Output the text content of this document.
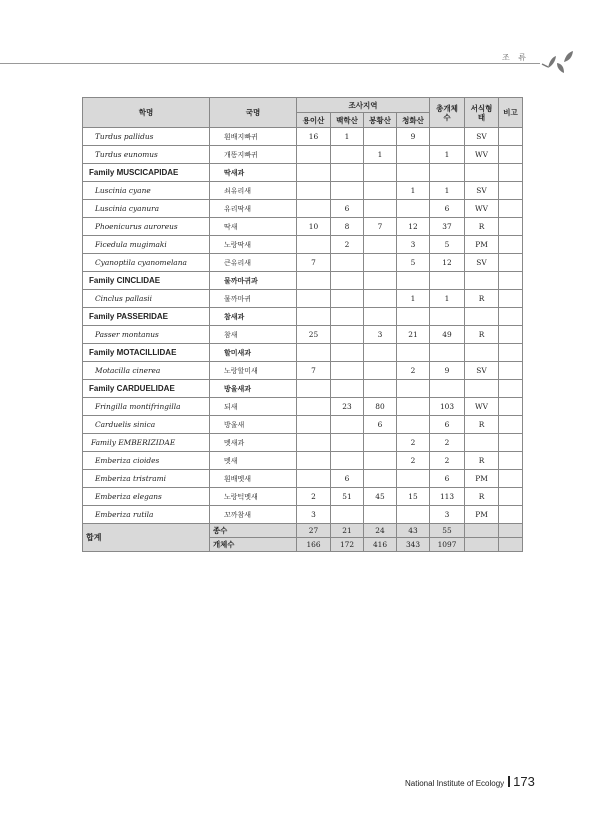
조 류
학명	국명	조사지역				총개체수	서식형태	비고
		용이산	백학산	봉황산	청화산			
Turdus pallidus	흰배지빠귀	16	1		9		SV	
Turdus eunomus	개똥지빠귀			1		1	WV	
Family MUSCICAPIDAE	딱새과							
Luscinia cyane	쇠유리새				1	1	SV	
Luscinia cyanura	유리딱새		6			6	WV	
Phoenicurus auroreus	딱새	10	8	7	12	37	R	
Ficedula mugimaki	노랑딱새		2		3	5	PM	
Cyanoptila cyanomelana	큰유리새	7			5	12	SV	
Family CINCLIDAE	물까마귀과							
Cinclus pallasii	물까마귀				1	1	R	
Family PASSERIDAE	참새과							
Passer montanus	참새	25		3	21	49	R	
Family MOTACILLIDAE	할미새과							
Motacilla cinerea	노랑할미새	7			2	9	SV	
Family CARDUELIDAE	방울새과							
Fringilla montifringilla	되새		23	80		103	WV	
Carduelis sinica	방울새			6		6	R	
Family EMBERIZIDAE	멧새과				2	2		
Emberiza cioides	멧새				2	2	R	
Emberiza tristrami	흰배멧새		6			6	PM	
Emberiza elegans	노랑턱멧새	2	51	45	15	113	R	
Emberiza rutila	꼬까참새	3				3	PM	
합계	종수	27	21	24	43	55		
	개체수	166	172	416	343	1097		
National Institute of Ecology 173
